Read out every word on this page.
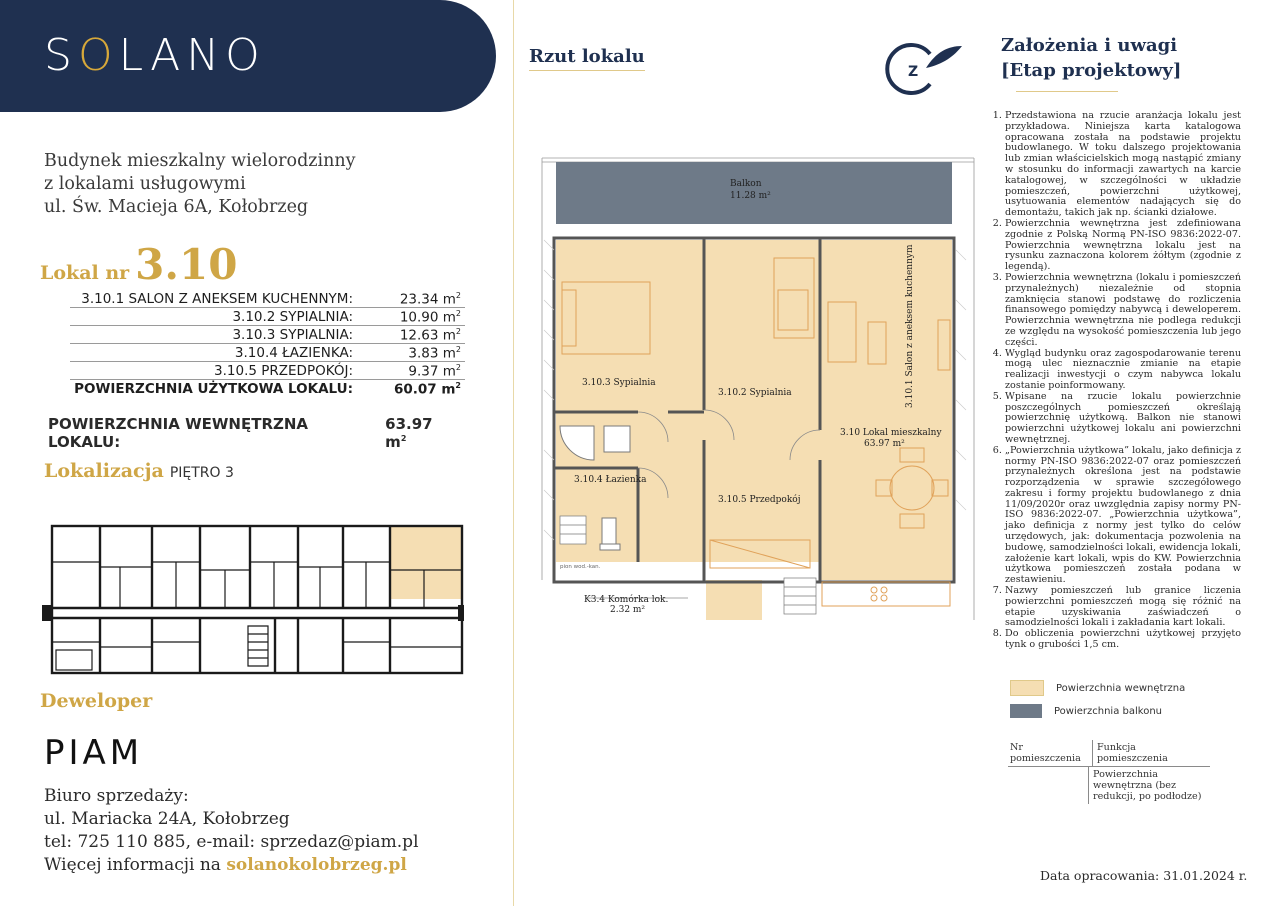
SOLANO
Budynek mieszkalny wielorodzinny
z lokalami usługowymi
ul. Św. Macieja 6A, Kołobrzeg
Lokal nr 3.10
3.10.1 SALON Z ANEKSEM KUCHENNYM:	23.34 $m^2$
3.10.2 SYPIALNIA:	10.90 $m^2$
3.10.3 SYPIALNIA:	12.63 $m^2$
3.10.4 ŁAZIENKA:	3.83 $m^2$
3.10.5 PRZEDPOKÓJ:	9.37 $m^2$
POWIERZCHNIA UŻYTKOWA LOKALU:	60.07 $m^2$
POWIERZCHNIA WEWNĘTRZNA LOKALU:
63.97 $m^2$
Lokalizacja PIĘTRO 3
Deweloper
PIAM
Biuro sprzedaży:
ul. Mariacka 24A, Kołobrzeg
tel: 725 110 885, e-mail: sprzedaz@piam.pl
Więcej informacji na solanokolobrzeg.pl
Rzut lokalu
Balkon
11.28 m²
3.10.3 Sypialnia
3.10.2 Sypialnia
3.10.4 Łazienka
3.10.5 Przedpokój
3.10 Lokal mieszkalny
63.97 m²
3.10.1 Salon z aneksem kuchennym
K3.4 Komórka lok.
2.32 m²
pion wod.-kan.
Z
Założenia i uwagi
[Etap projektowy]
1. Przedstawiona na rzucie aranżacja lokalu jest przykładowa. Niniejsza karta katalogowa opracowana została na podstawie projektu budowlanego. W toku dalszego projektowania lub zmian właścicielskich mogą nastąpić zmiany w stosunku do informacji zawartych na karcie katalogowej, w szczególności w układzie pomieszczeń, powierzchni użytkowej, usytuowania elementów nadających się do demontażu, takich jak np. ścianki działowe.
2. Powierzchnia wewnętrzna jest zdefiniowana zgodnie z Polską Normą PN-ISO 9836:2022-07. Powierzchnia wewnętrzna lokalu jest na rysunku zaznaczona kolorem żółtym (zgodnie z legendą).
3. Powierzchnia wewnętrzna (lokalu i pomieszczeń przynależnych) niezależnie od stopnia zamknięcia stanowi podstawę do rozliczenia finansowego pomiędzy nabywcą i deweloperem. Powierzchnia wewnętrzna nie podlega redukcji ze względu na wysokość pomieszczenia lub jego części.
4. Wygląd budynku oraz zagospodarowanie terenu mogą ulec nieznacznie zmianie na etapie realizacji inwestycji o czym nabywca lokalu zostanie poinformowany.
5. Wpisane na rzucie lokalu powierzchnie poszczególnych pomieszczeń określają powierzchnię użytkową. Balkon nie stanowi powierzchni użytkowej lokalu ani powierzchni wewnętrznej.
6. „Powierzchnia użytkowa” lokalu, jako definicja z normy PN-ISO 9836:2022-07 oraz pomieszczeń przynależnych określona jest na podstawie rozporządzenia w sprawie szczegółowego zakresu i formy projektu budowlanego z dnia 11/09/2020r oraz uwzględnia zapisy normy PN-ISO 9836:2022-07. „Powierzchnia użytkowa”, jako definicja z normy jest tylko do celów urzędowych, jak: dokumentacja pozwolenia na budowę, samodzielności lokali, ewidencja lokali, założenie kart lokali, wpis do KW. Powierzchnia użytkowa pomieszczeń została podana w zestawieniu.
7. Nazwy pomieszczeń lub granice liczenia powierzchni pomieszczeń mogą się różnić na etapie uzyskiwania zaświadczeń o samodzielności lokali i zakładania kart lokali.
8. Do obliczenia powierzchni użytkowej przyjęto tynk o grubości 1,5 cm.
Powierzchnia wewnętrzna
Powierzchnia balkonu
Nr pomieszczenia
Funkcja pomieszczenia
Powierzchnia wewnętrzna (bez redukcji, po podłodze)
Data opracowania: 31.01.2024 r.
